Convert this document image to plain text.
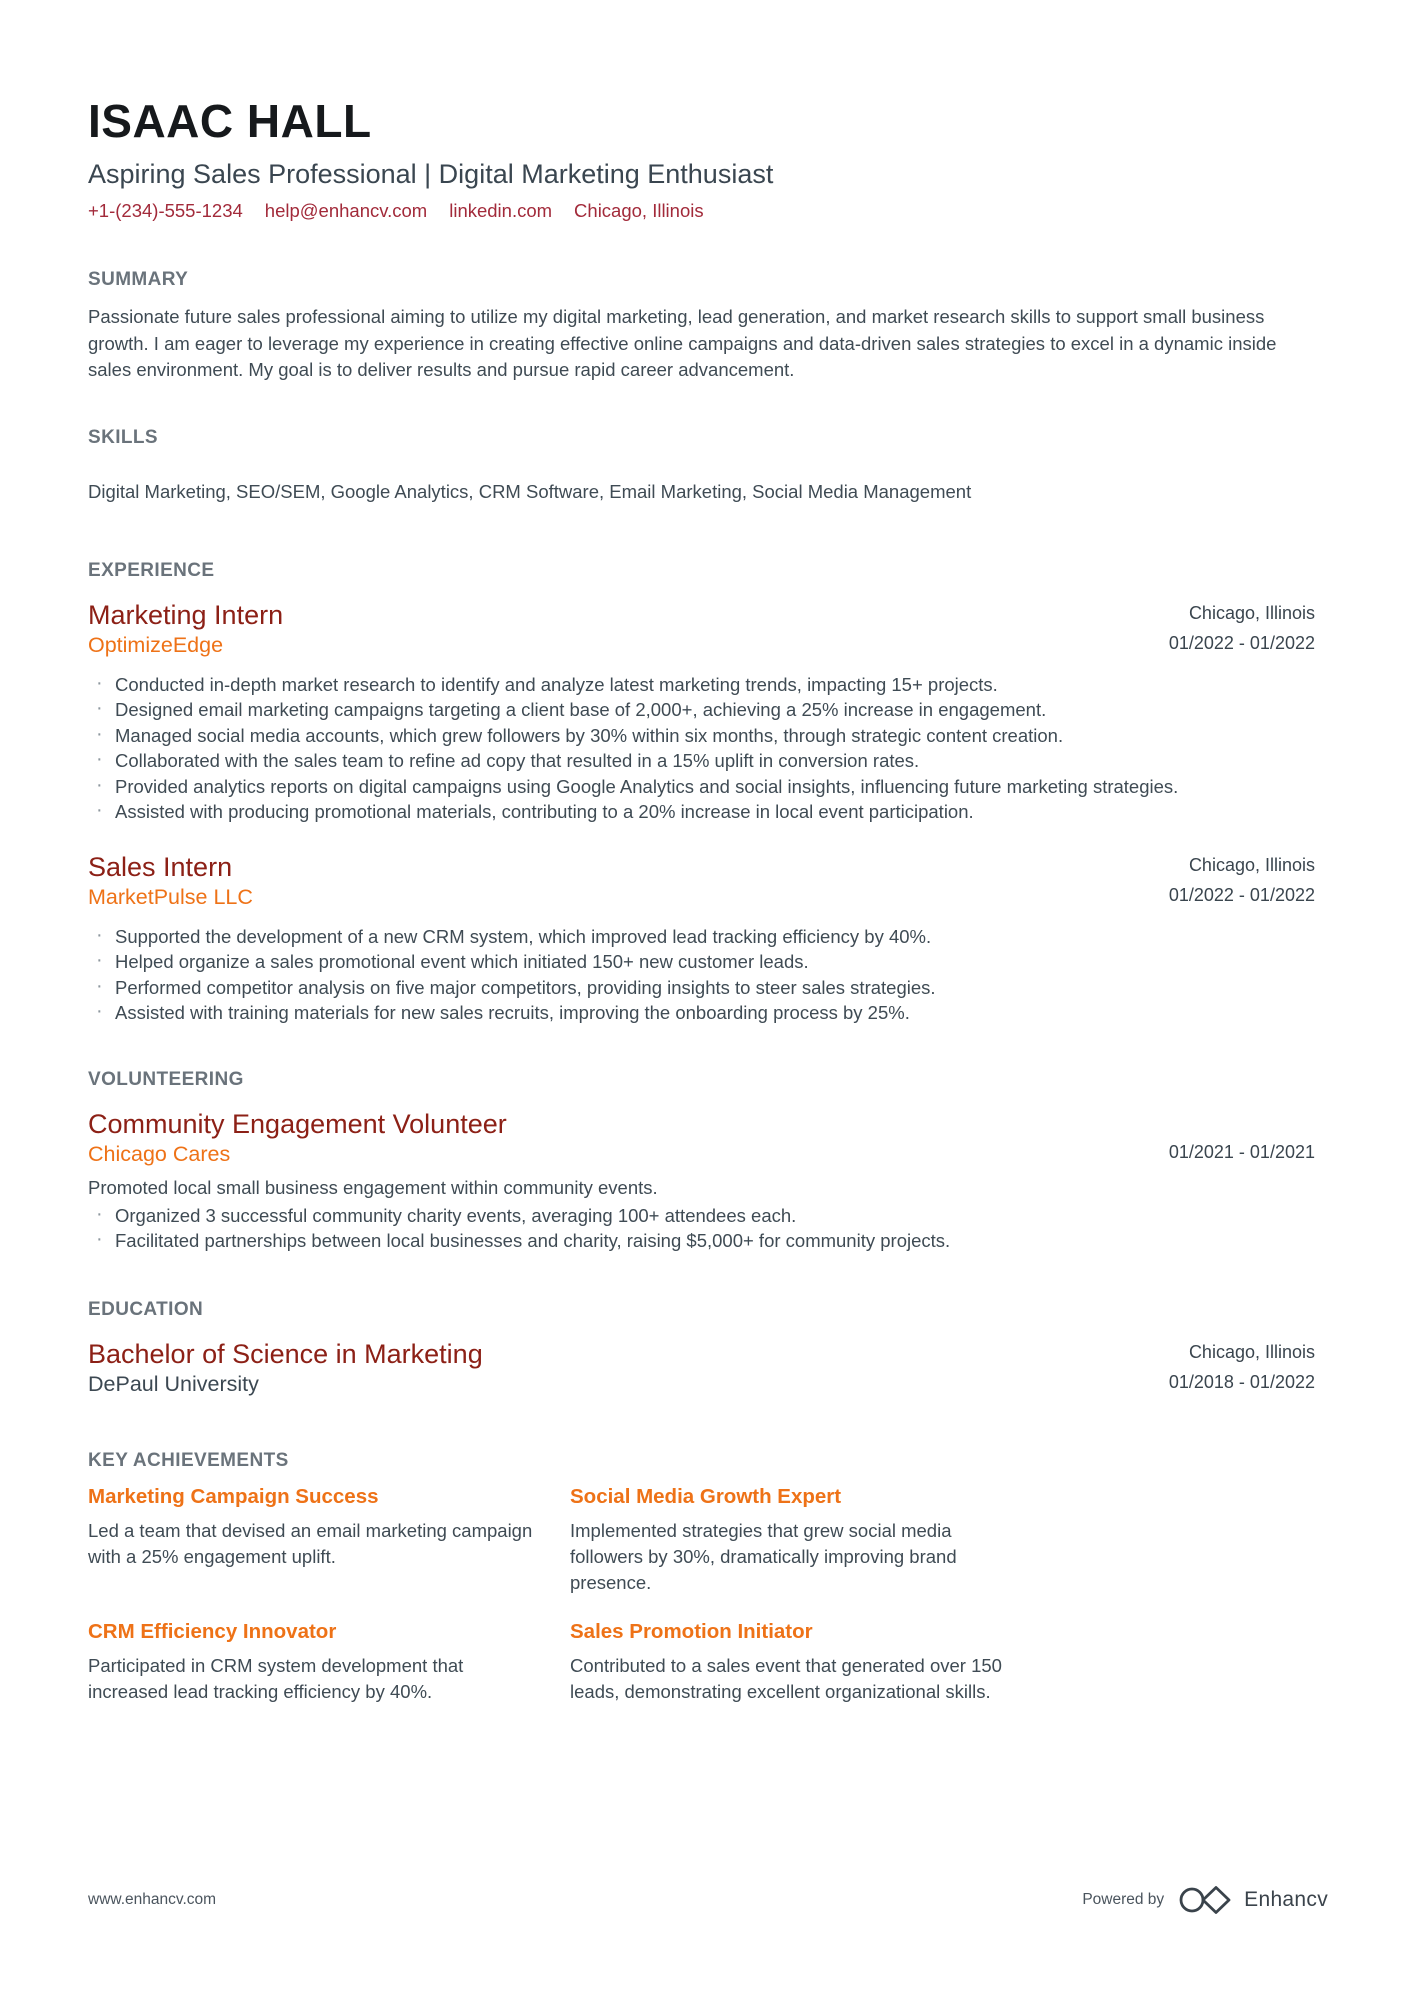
ISAAC HALL
Aspiring Sales Professional | Digital Marketing Enthusiast
+1-(234)-555-1234 help@enhancv.com linkedin.com Chicago, Illinois
SUMMARY

Passionate future sales professional aiming to utilize my digital marketing, lead generation, and market research skills to support small business growth. I am eager to leverage my experience in creating effective online campaigns and data-driven sales strategies to excel in a dynamic inside sales environment. My goal is to deliver results and pursue rapid career advancement.

SKILLS

Digital Marketing, SEO/SEM, Google Analytics, CRM Software, Email Marketing, Social Media Management

EXPERIENCE
Marketing Intern
OptimizeEdge
Chicago, Illinois
01/2022 - 01/2022
· Conducted in-depth market research to identify and analyze latest marketing trends, impacting 15+ projects.
· Designed email marketing campaigns targeting a client base of 2,000+, achieving a 25% increase in engagement.
· Managed social media accounts, which grew followers by 30% within six months, through strategic content creation.
· Collaborated with the sales team to refine ad copy that resulted in a 15% uplift in conversion rates.
· Provided analytics reports on digital campaigns using Google Analytics and social insights, influencing future marketing strategies.
· Assisted with producing promotional materials, contributing to a 20% increase in local event participation.
Sales Intern
MarketPulse LLC
Chicago, Illinois
01/2022 - 01/2022
· Supported the development of a new CRM system, which improved lead tracking efficiency by 40%.
· Helped organize a sales promotional event which initiated 150+ new customer leads.
· Performed competitor analysis on five major competitors, providing insights to steer sales strategies.
· Assisted with training materials for new sales recruits, improving the onboarding process by 25%.
VOLUNTEERING
Community Engagement Volunteer
Chicago Cares	01/2021 - 01/2021
Promoted local small business engagement within community events.
· Organized 3 successful community charity events, averaging 100+ attendees each.
· Facilitated partnerships between local businesses and charity, raising $5,000+ for community projects.
EDUCATION
Bachelor of Science in Marketing
DePaul University
Chicago, Illinois
01/2018 - 01/2022
KEY ACHIEVEMENTS
Marketing Campaign Success

Led a team that devised an email marketing campaign with a 25% engagement uplift.

Social Media Growth Expert

Implemented strategies that grew social media followers by 30%, dramatically improving brand presence.

CRM Efficiency Innovator

Participated in CRM system development that increased lead tracking efficiency by 40%.

Sales Promotion Initiator

Contributed to a sales event that generated over 150 leads, demonstrating excellent organizational skills.

www.enhancv.com	Powered by	Enhancv
